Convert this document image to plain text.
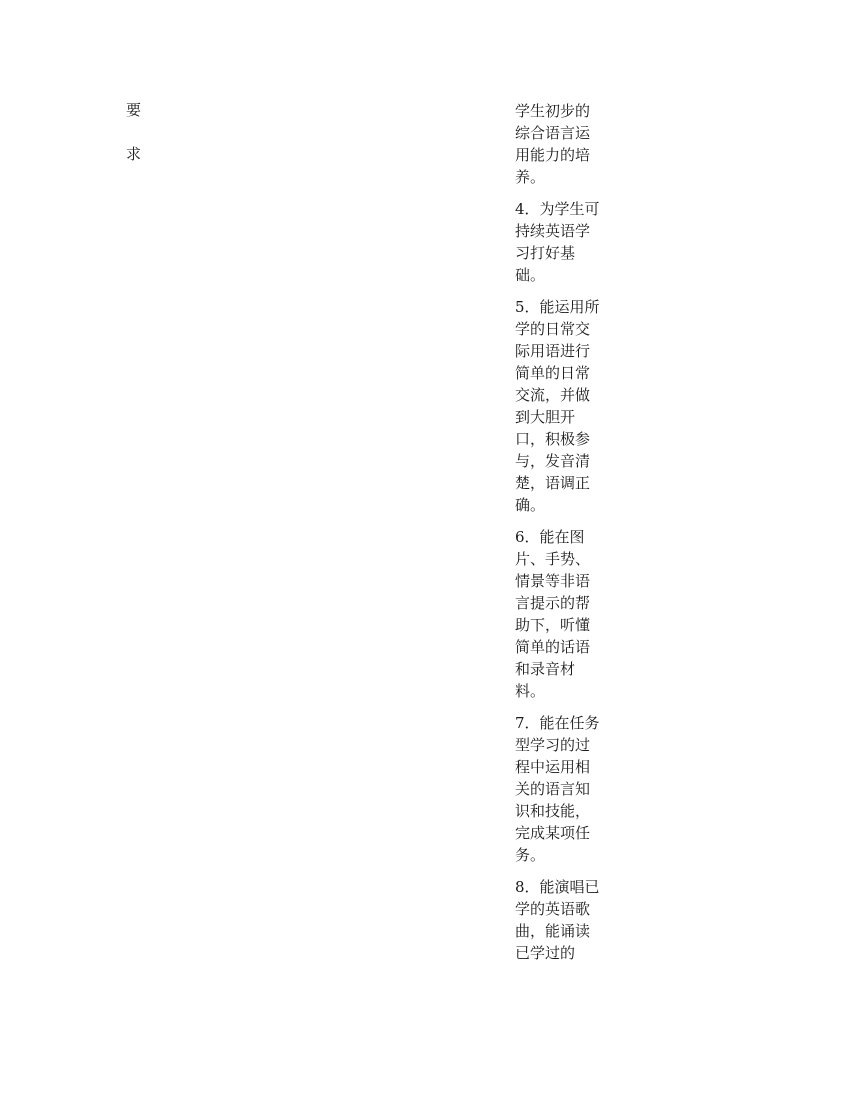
要
求

学生初步的综合语言运用能力的培养。

4．为学生可持续英语学习打好基础。

5．能运用所学的日常交际用语进行简单的日常交流，并做到大胆开口，积极参与，发音清楚，语调正确。

6．能在图片、手势、情景等非语言提示的帮助下，听懂简单的话语和录音材料。

7．能在任务型学习的过程中运用相关的语言知识和技能，完成某项任务。

8．能演唱已学的英语歌曲，能诵读已学过的
